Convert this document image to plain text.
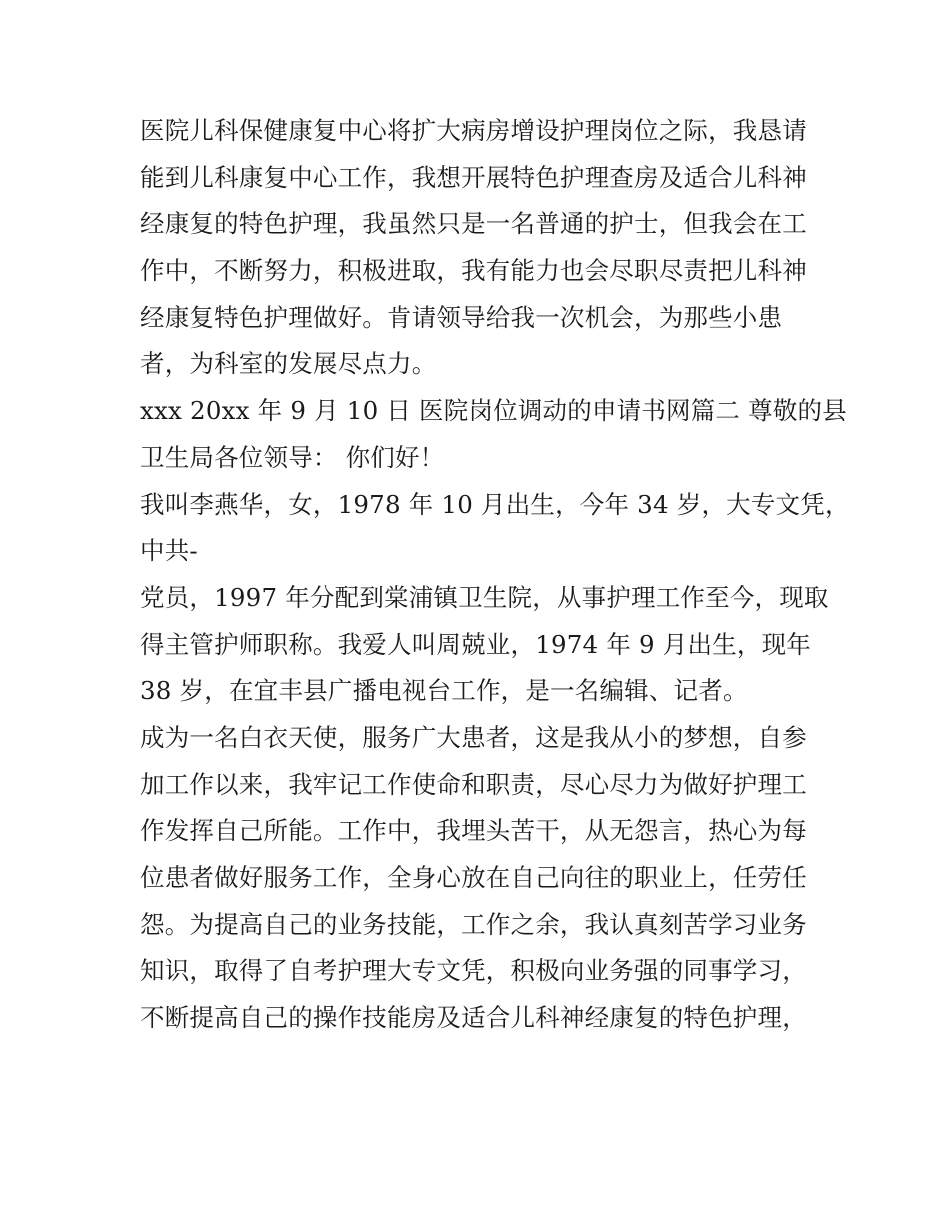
医院儿科保健康复中心将扩大病房增设护理岗位之际，我恳请
能到儿科康复中心工作，我想开展特色护理查房及适合儿科神
经康复的特色护理，我虽然只是一名普通的护士，但我会在工
作中，不断努力，积极进取，我有能力也会尽职尽责把儿科神
经康复特色护理做好。肯请领导给我一次机会，为那些小患
者，为科室的发展尽点力。
xxx 20xx 年 9 月 10 日 医院岗位调动的申请书网篇二 尊敬的县
卫生局各位领导： 你们好！
我叫李燕华，女，1978 年 10 月出生，今年 34 岁，大专文凭，
中共-
党员，1997 年分配到棠浦镇卫生院，从事护理工作至今，现取
得主管护师职称。我爱人叫周兢业，1974 年 9 月出生，现年
38 岁，在宜丰县广播电视台工作，是一名编辑、记者。
成为一名白衣天使，服务广大患者，这是我从小的梦想，自参
加工作以来，我牢记工作使命和职责，尽心尽力为做好护理工
作发挥自己所能。工作中，我埋头苦干，从无怨言，热心为每
位患者做好服务工作，全身心放在自己向往的职业上，任劳任
怨。为提高自己的业务技能，工作之余，我认真刻苦学习业务
知识，取得了自考护理大专文凭，积极向业务强的同事学习，
不断提高自己的操作技能房及适合儿科神经康复的特色护理，
